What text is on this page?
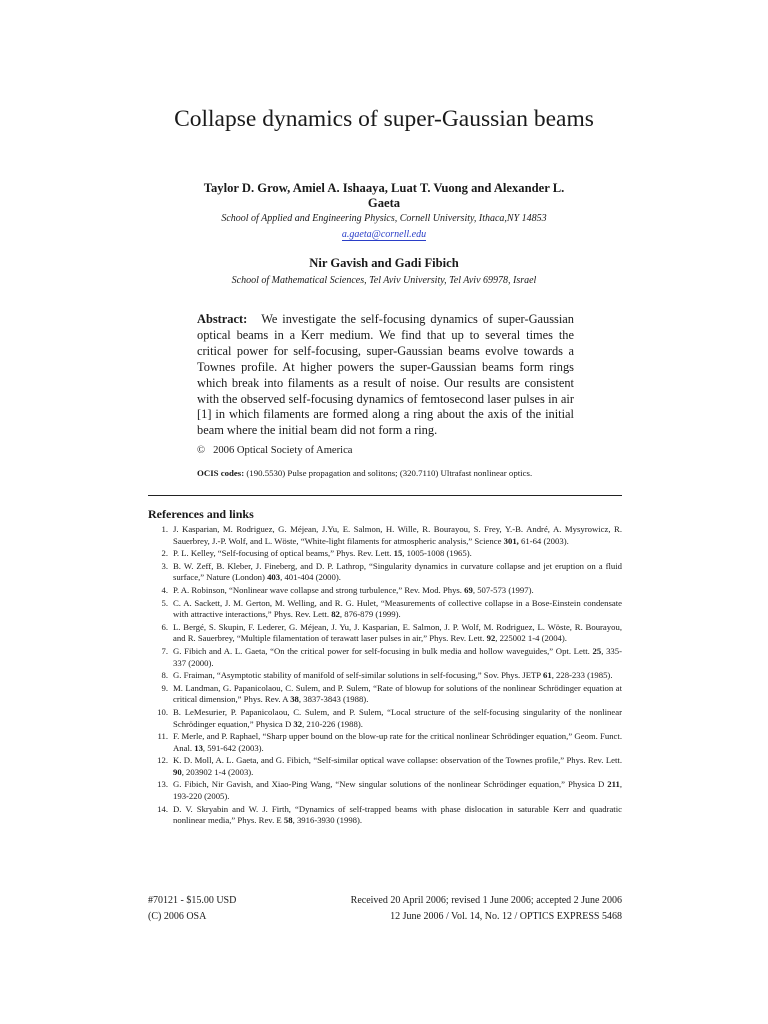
Collapse dynamics of super-Gaussian beams

Taylor D. Grow, Amiel A. Ishaaya, Luat T. Vuong and Alexander L. Gaeta

School of Applied and Engineering Physics, Cornell University, Ithaca,NY 14853

a.gaeta@cornell.edu

Nir Gavish and Gadi Fibich

School of Mathematical Sciences, Tel Aviv University, Tel Aviv 69978, Israel

Abstract: We investigate the self-focusing dynamics of super-Gaussian optical beams in a Kerr medium. We find that up to several times the critical power for self-focusing, super-Gaussian beams evolve towards a Townes profile. At higher powers the super-Gaussian beams form rings which break into filaments as a result of noise. Our results are consistent with the observed self-focusing dynamics of femtosecond laser pulses in air [1] in which filaments are formed along a ring about the axis of the initial beam where the initial beam did not form a ring.

© 2006 Optical Society of America
OCIS codes: (190.5530) Pulse propagation and solitons; (320.7110) Ultrafast nonlinear optics.
References and links
1. J. Kasparian, M. Rodriguez, G. Méjean, J.Yu, E. Salmon, H. Wille, R. Bourayou, S. Frey, Y.-B. André, A. Mysyrowicz, R. Sauerbrey, J.-P. Wolf, and L. Wöste, “White-light filaments for atmospheric analysis,” Science 301, 61-64 (2003).
2. P. L. Kelley, “Self-focusing of optical beams,” Phys. Rev. Lett. 15, 1005-1008 (1965).
3. B. W. Zeff, B. Kleber, J. Fineberg, and D. P. Lathrop, “Singularity dynamics in curvature collapse and jet eruption on a fluid surface,” Nature (London) 403, 401-404 (2000).
4. P. A. Robinson, “Nonlinear wave collapse and strong turbulence,” Rev. Mod. Phys. 69, 507-573 (1997).
5. C. A. Sackett, J. M. Gerton, M. Welling, and R. G. Hulet, “Measurements of collective collapse in a Bose-Einstein condensate with attractive interactions,” Phys. Rev. Lett. 82, 876-879 (1999).
6. L. Bergé, S. Skupin, F. Lederer, G. Méjean, J. Yu, J. Kasparian, E. Salmon, J. P. Wolf, M. Rodriguez, L. Wöste, R. Bourayou, and R. Sauerbrey, “Multiple filamentation of terawatt laser pulses in air,” Phys. Rev. Lett. 92, 225002 1-4 (2004).
7. G. Fibich and A. L. Gaeta, “On the critical power for self-focusing in bulk media and hollow waveguides,” Opt. Lett. 25, 335-337 (2000).
8. G. Fraiman, “Asymptotic stability of manifold of self-similar solutions in self-focusing,” Sov. Phys. JETP 61, 228-233 (1985).
9. M. Landman, G. Papanicolaou, C. Sulem, and P. Sulem, “Rate of blowup for solutions of the nonlinear Schrödinger equation at critical dimension,” Phys. Rev. A 38, 3837-3843 (1988).
10. B. LeMesurier, P. Papanicolaou, C. Sulem, and P. Sulem, “Local structure of the self-focusing singularity of the nonlinear Schrödinger equation,” Physica D 32, 210-226 (1988).
11. F. Merle, and P. Raphael, “Sharp upper bound on the blow-up rate for the critical nonlinear Schrödinger equation,” Geom. Funct. Anal. 13, 591-642 (2003).
12. K. D. Moll, A. L. Gaeta, and G. Fibich, “Self-similar optical wave collapse: observation of the Townes profile,” Phys. Rev. Lett. 90, 203902 1-4 (2003).
13. G. Fibich, Nir Gavish, and Xiao-Ping Wang, “New singular solutions of the nonlinear Schrödinger equation,” Physica D 211, 193-220 (2005).
14. D. V. Skryabin and W. J. Firth, “Dynamics of self-trapped beams with phase dislocation in saturable Kerr and quadratic nonlinear media,” Phys. Rev. E 58, 3916-3930 (1998).
#70121 - $15.00 USD
(C) 2006 OSA
Received 20 April 2006; revised 1 June 2006; accepted 2 June 2006
12 June 2006 / Vol. 14, No. 12 / OPTICS EXPRESS 5468
